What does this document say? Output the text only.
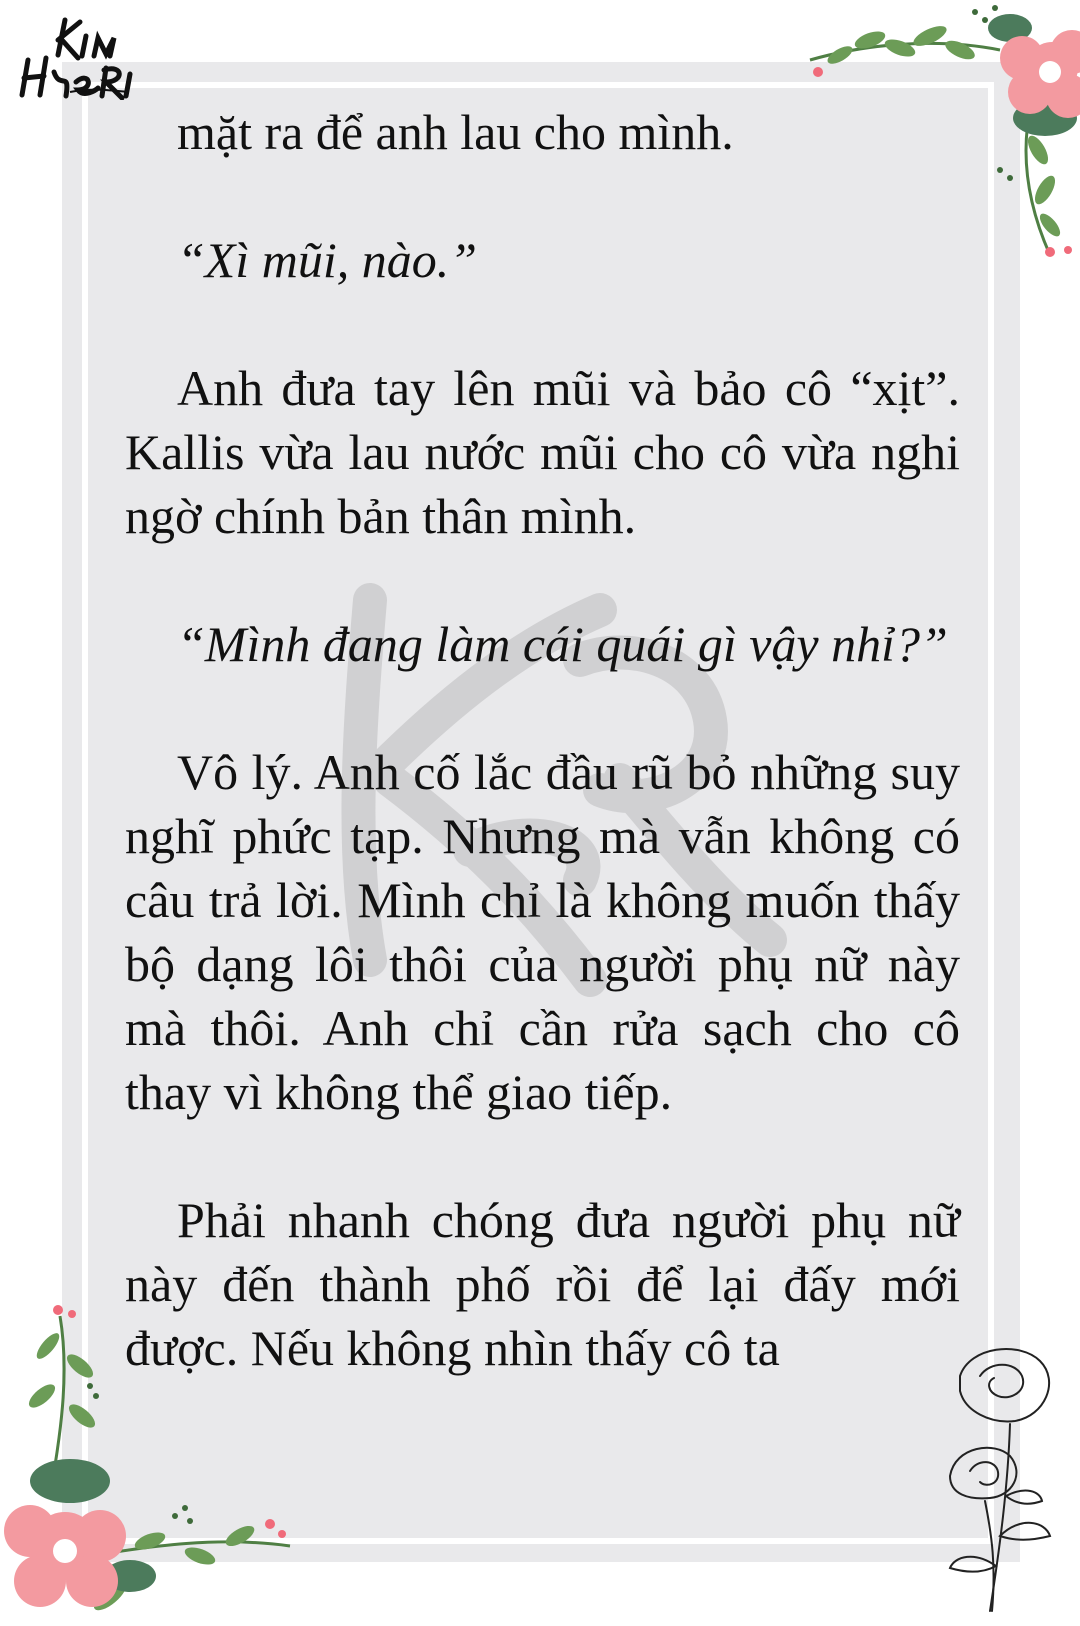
mặt ra để anh lau cho mình.

“Xì mũi, nào.”

Anh đưa tay lên mũi và bảo cô “xịt”. Kallis vừa lau nước mũi cho cô vừa nghi ngờ chính bản thân mình.

“Mình đang làm cái quái gì vậy nhỉ?”

Vô lý. Anh cố lắc đầu rũ bỏ những suy nghĩ phức tạp. Nhưng mà vẫn không có câu trả lời. Mình chỉ là không muốn thấy bộ dạng lôi thôi của người phụ nữ này mà thôi. Anh chỉ cần rửa sạch cho cô thay vì không thể giao tiếp.

Phải nhanh chóng đưa người phụ nữ này đến thành phố rồi để lại đấy mới được. Nếu không nhìn thấy cô ta
